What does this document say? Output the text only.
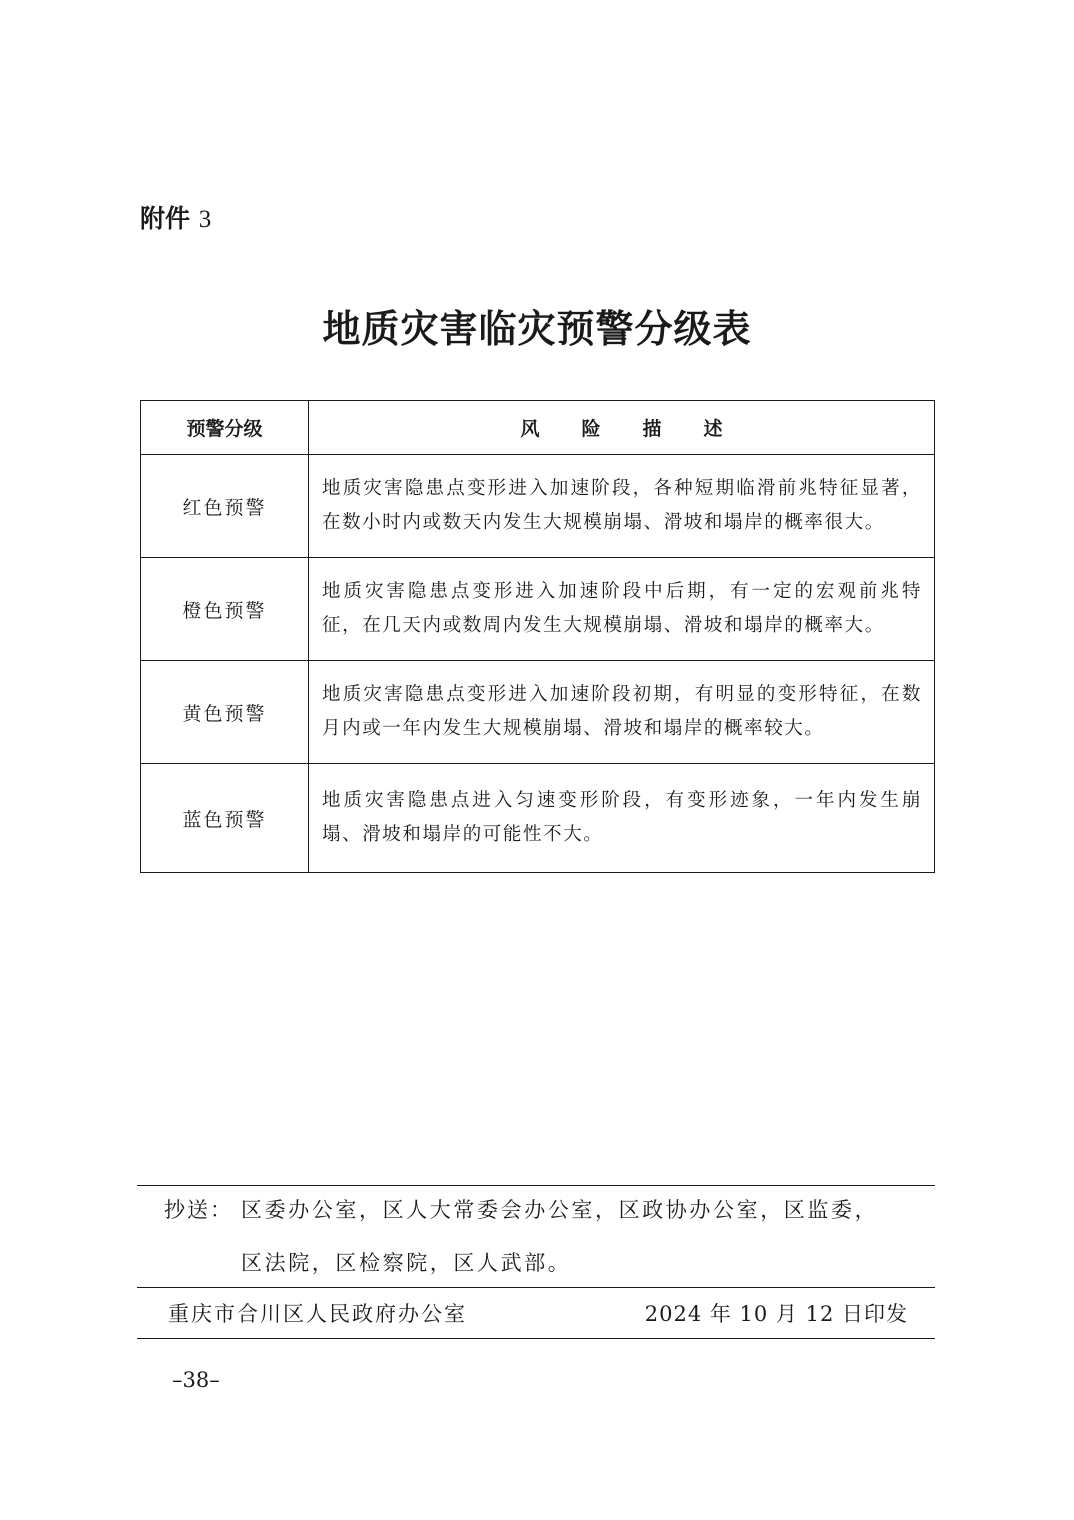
附件 3
地质灾害临灾预警分级表
预警分级	风险描述
红色预警	地质灾害隐患点变形进入加速阶段，各种短期临滑前兆特征显著，在数小时内或数天内发生大规模崩塌、滑坡和塌岸的概率很大。
橙色预警	地质灾害隐患点变形进入加速阶段中后期，有一定的宏观前兆特征，在几天内或数周内发生大规模崩塌、滑坡和塌岸的概率大。
黄色预警	地质灾害隐患点变形进入加速阶段初期，有明显的变形特征，在数月内或一年内发生大规模崩塌、滑坡和塌岸的概率较大。
蓝色预警	地质灾害隐患点进入匀速变形阶段，有变形迹象，一年内发生崩塌、滑坡和塌岸的可能性不大。
抄送： 区委办公室，区人大常委会办公室，区政协办公室，区监委，
区法院，区检察院，区人武部。
重庆市合川区人民政府办公室	2024 年 10 月 12 日印发
–38–
